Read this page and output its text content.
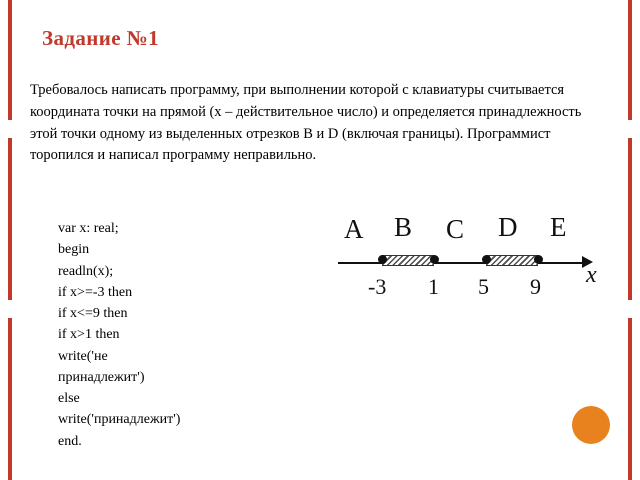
Задание №1
Требовалось написать программу, при выполнении которой с клавиатуры считывается координата точки на прямой (x – действительное число) и определяется принадлежность этой точки одному из выделенных отрезков B и D (включая границы). Программист торопился и написал программу неправильно.
var x: real;
begin
readln(x);
if x>=-3 then
if x<=9 then
if x>1 then
write('не
принадлежит')
else
write('принадлежит')
end.
A B C D E
x
-3 1 5 9
